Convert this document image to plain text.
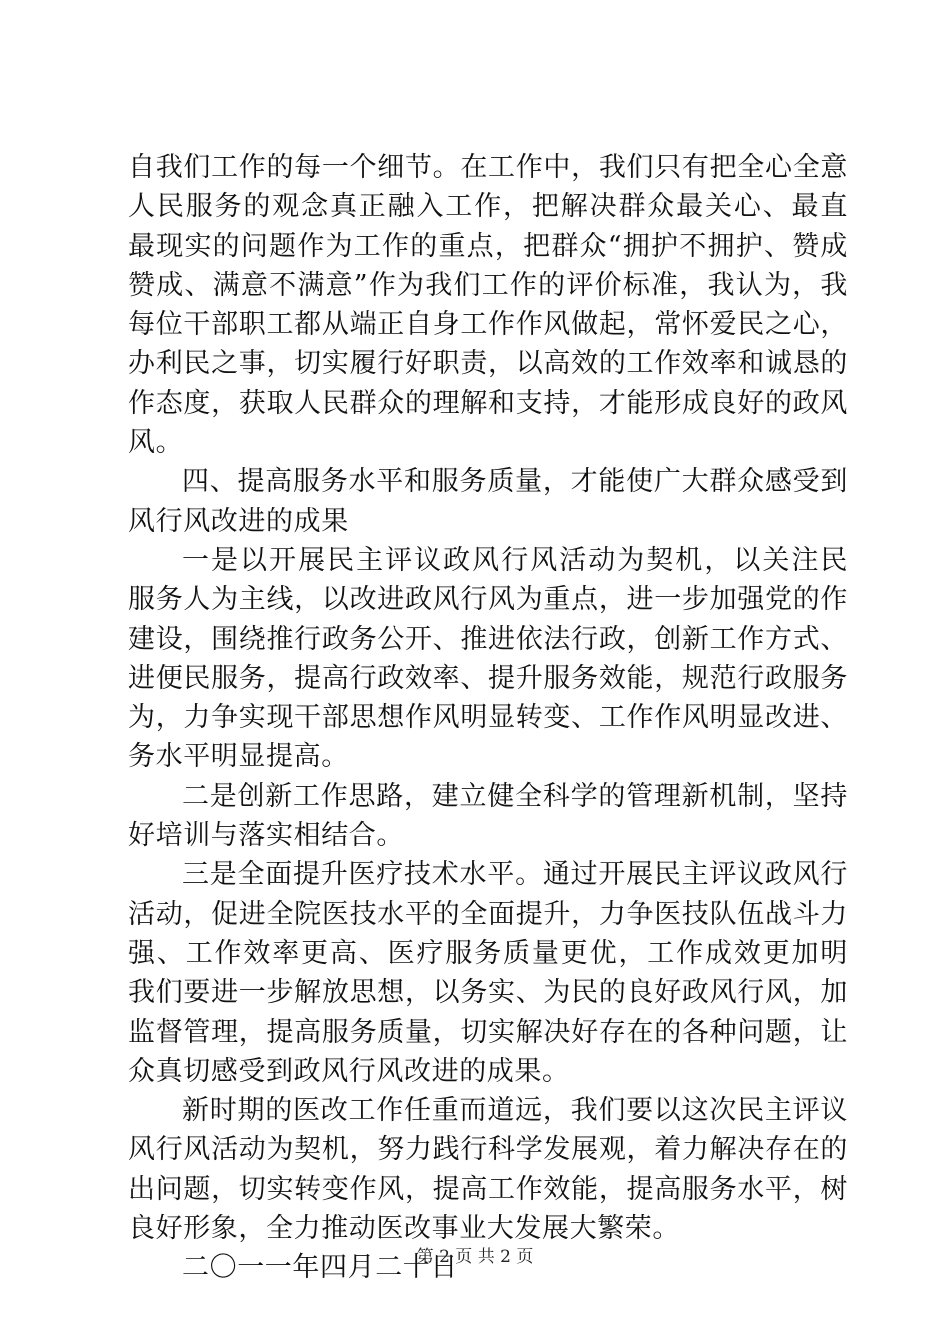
自我们工作的每一个细节。在工作中，我们只有把全心全意
人民服务的观念真正融入工作，把解决群众最关心、最直
最现实的问题作为工作的重点，把群众“拥护不拥护、赞成
赞成、满意不满意”作为我们工作的评价标准，我认为，我
每位干部职工都从端正自身工作作风做起，常怀爱民之心，
办利民之事，切实履行好职责，以高效的工作效率和诚恳的
作态度，获取人民群众的理解和支持，才能形成良好的政风
风。
四、提高服务水平和服务质量，才能使广大群众感受到
风行风改进的成果
一是以开展民主评议政风行风活动为契机，以关注民
服务人为主线，以改进政风行风为重点，进一步加强党的作
建设，围绕推行政务公开、推进依法行政，创新工作方式、
进便民服务，提高行政效率、提升服务效能，规范行政服务
为，力争实现干部思想作风明显转变、工作作风明显改进、
务水平明显提高。
二是创新工作思路，建立健全科学的管理新机制，坚持
好培训与落实相结合。
三是全面提升医疗技术水平。通过开展民主评议政风行
活动，促进全院医技水平的全面提升，力争医技队伍战斗力
强、工作效率更高、医疗服务质量更优，工作成效更加明
我们要进一步解放思想，以务实、为民的良好政风行风，加
监督管理，提高服务质量，切实解决好存在的各种问题，让
众真切感受到政风行风改进的成果。
新时期的医改工作任重而道远，我们要以这次民主评议
风行风活动为契机，努力践行科学发展观，着力解决存在的
出问题，切实转变作风，提高工作效能，提高服务水平，树
良好形象，全力推动医改事业大发展大繁荣。
二〇一一年四月二十日
第 2 页 共 2 页
